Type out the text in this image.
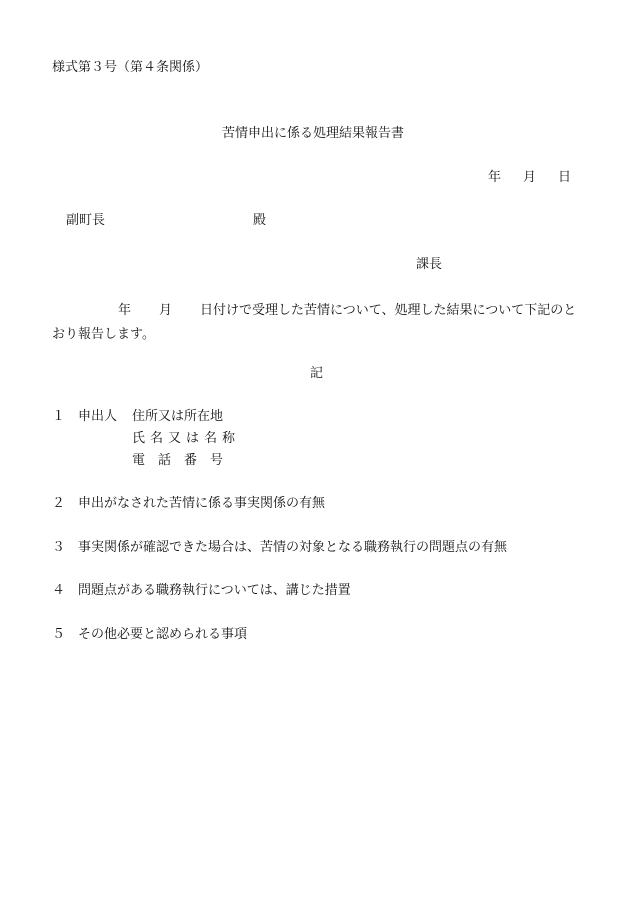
様式第３号（第４条関係）
苦情申出に係る処理結果報告書
年 月 日
副町長	殿
課長
年 月 日付けで受理した苦情について、処理した結果について下記のとおり報告します。
記
１ 申出人	住所又は所在地
氏名又は名称
電　話　番　号
２ 申出がなされた苦情に係る事実関係の有無
３ 事実関係が確認できた場合は、苦情の対象となる職務執行の問題点の有無
４ 問題点がある職務執行については、講じた措置
５ その他必要と認められる事項
